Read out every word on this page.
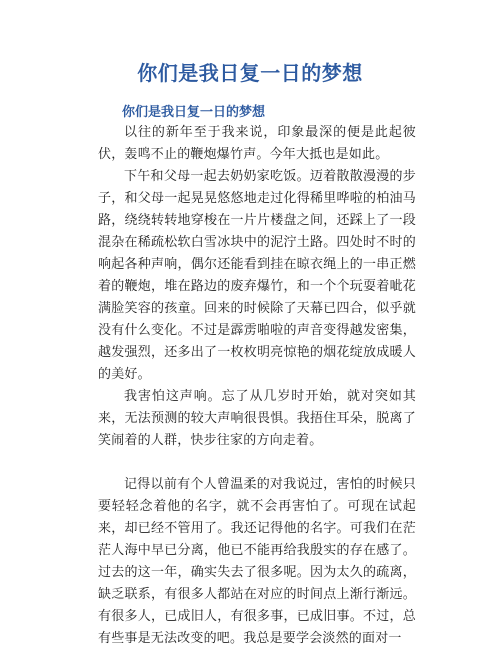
你们是我日复一日的梦想
你们是我日复一日的梦想

以往的新年至于我来说，印象最深的便是此起彼伏，轰鸣不止的鞭炮爆竹声。今年大抵也是如此。

下午和父母一起去奶奶家吃饭。迈着散散漫漫的步子，和父母一起晃晃悠悠地走过化得稀里哗啦的柏油马路，绕绕转转地穿梭在一片片楼盘之间，还踩上了一段混杂在稀疏松软白雪冰块中的泥泞土路。四处时不时的响起各种声响，偶尔还能看到挂在晾衣绳上的一串正燃着的鞭炮，堆在路边的废弃爆竹，和一个个玩耍着呲花满脸笑容的孩童。回来的时候除了天幕已四合，似乎就没有什么变化。不过是霹雳啪啦的声音变得越发密集，越发强烈，还多出了一枚枚明亮惊艳的烟花绽放成暖人的美好。

我害怕这声响。忘了从几岁时开始，就对突如其来，无法预测的较大声响很畏惧。我捂住耳朵，脱离了笑闹着的人群，快步往家的方向走着。

记得以前有个人曾温柔的对我说过，害怕的时候只要轻轻念着他的名字，就不会再害怕了。可现在试起来，却已经不管用了。我还记得他的名字。可我们在茫茫人海中早已分离，他已不能再给我殷实的存在感了。过去的这一年，确实失去了很多呢。因为太久的疏离，缺乏联系，有很多人都站在对应的时间点上渐行渐远。有很多人，已成旧人，有很多事，已成旧事。不过，总有些事是无法改变的吧。我总是要学会淡然的面对一
